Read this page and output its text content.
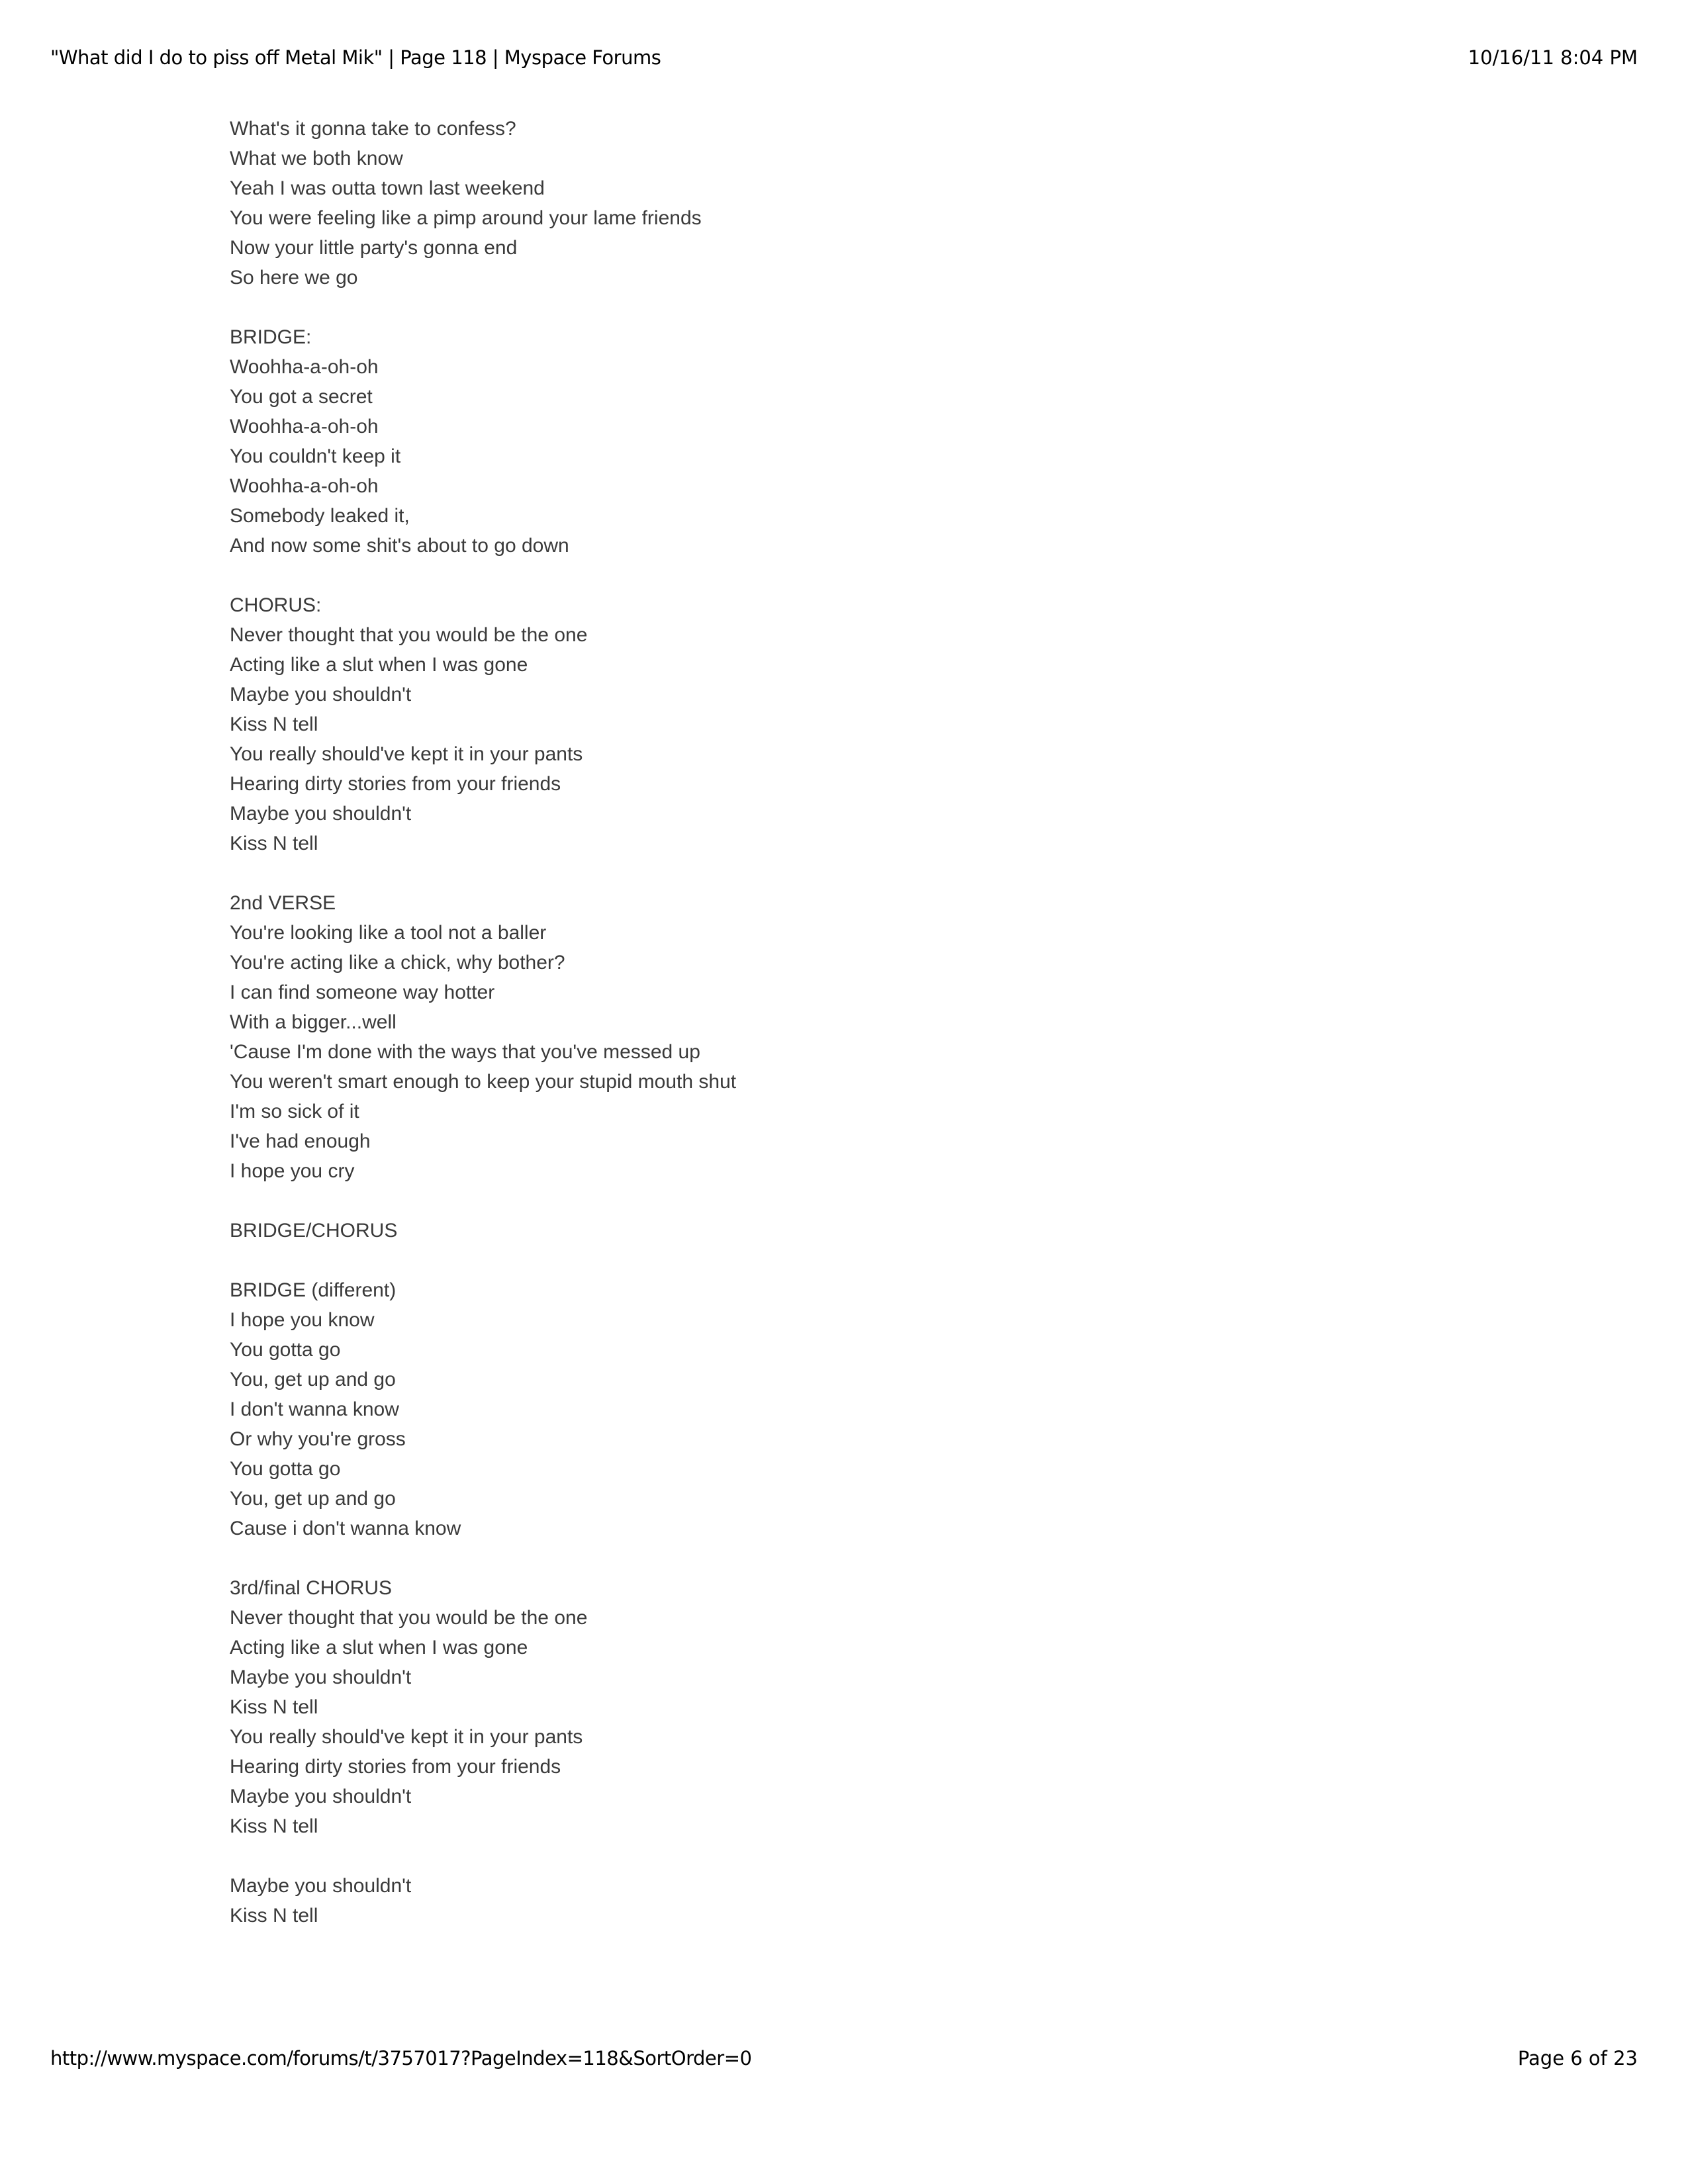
"What did I do to piss off Metal Mik" | Page 118 | Myspace Forums	10/16/11 8:04 PM
What's it gonna take to confess?
What we both know
Yeah I was outta town last weekend
You were feeling like a pimp around your lame friends
Now your little party's gonna end
So here we go
BRIDGE:
Woohha-a-oh-oh
You got a secret
Woohha-a-oh-oh
You couldn't keep it
Woohha-a-oh-oh
Somebody leaked it,
And now some shit's about to go down
CHORUS:
Never thought that you would be the one
Acting like a slut when I was gone
Maybe you shouldn't
Kiss N tell
You really should've kept it in your pants
Hearing dirty stories from your friends
Maybe you shouldn't
Kiss N tell
2nd VERSE
You're looking like a tool not a baller
You're acting like a chick, why bother?
I can find someone way hotter
With a bigger...well
'Cause I'm done with the ways that you've messed up
You weren't smart enough to keep your stupid mouth shut
I'm so sick of it
I've had enough
I hope you cry
BRIDGE/CHORUS
BRIDGE (different)
I hope you know
You gotta go
You, get up and go
I don't wanna know
Or why you're gross
You gotta go
You, get up and go
Cause i don't wanna know
3rd/final CHORUS
Never thought that you would be the one
Acting like a slut when I was gone
Maybe you shouldn't
Kiss N tell
You really should've kept it in your pants
Hearing dirty stories from your friends
Maybe you shouldn't
Kiss N tell
Maybe you shouldn't
Kiss N tell
http://www.myspace.com/forums/t/3757017?PageIndex=118&SortOrder=0	Page 6 of 23
